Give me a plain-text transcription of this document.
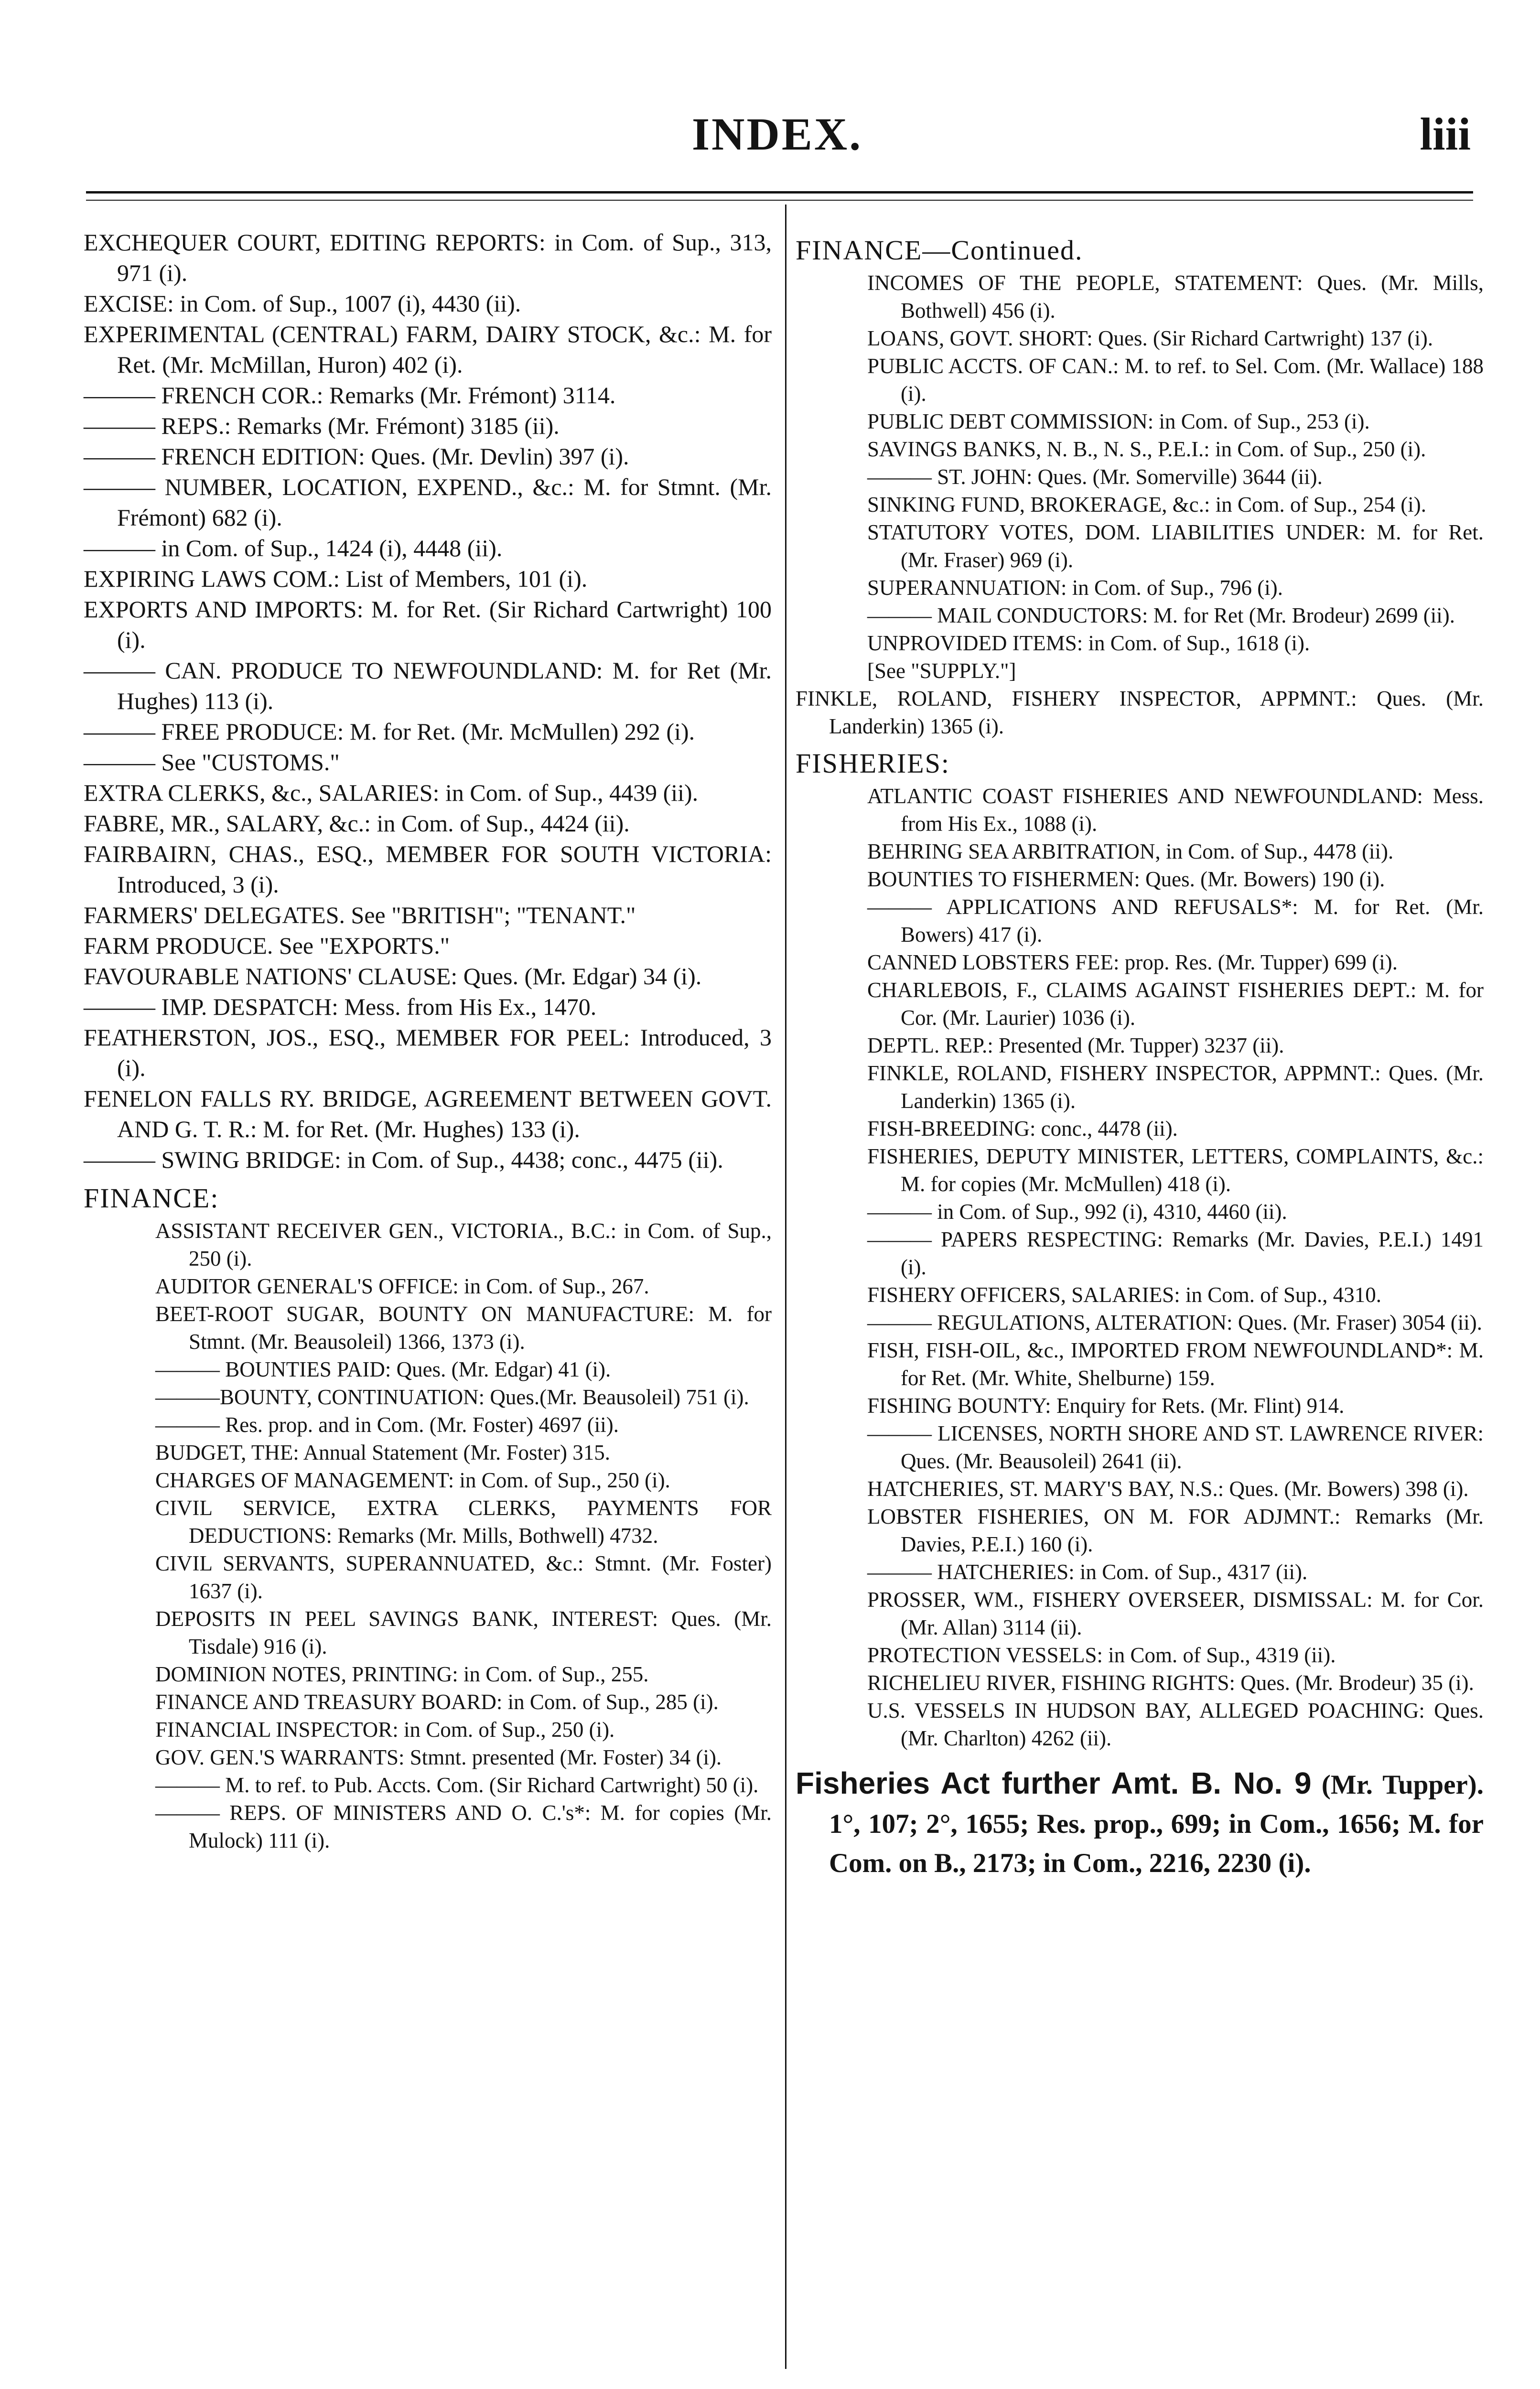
INDEX.	liii

EXCHEQUER COURT, EDITING REPORTS: in Com. of Sup., 313, 971 (i).

EXCISE: in Com. of Sup., 1007 (i), 4430 (ii).

EXPERIMENTAL (CENTRAL) FARM, DAIRY STOCK, &c.: M. for Ret. (Mr. McMillan, Huron) 402 (i).

——— FRENCH COR.: Remarks (Mr. Frémont) 3114.

——— REPS.: Remarks (Mr. Frémont) 3185 (ii).

——— FRENCH EDITION: Ques. (Mr. Devlin) 397 (i).

——— NUMBER, LOCATION, EXPEND., &c.: M. for Stmnt. (Mr. Frémont) 682 (i).

——— in Com. of Sup., 1424 (i), 4448 (ii).

EXPIRING LAWS COM.: List of Members, 101 (i).

EXPORTS AND IMPORTS: M. for Ret. (Sir Richard Cartwright) 100 (i).

——— CAN. PRODUCE TO NEWFOUNDLAND: M. for Ret (Mr. Hughes) 113 (i).

——— FREE PRODUCE: M. for Ret. (Mr. McMullen) 292 (i).

——— See "CUSTOMS."

EXTRA CLERKS, &c., SALARIES: in Com. of Sup., 4439 (ii).

FABRE, MR., SALARY, &c.: in Com. of Sup., 4424 (ii).

FAIRBAIRN, CHAS., ESQ., MEMBER FOR SOUTH VICTORIA: Introduced, 3 (i).

FARMERS' DELEGATES. See "BRITISH"; "TENANT."

FARM PRODUCE. See "EXPORTS."

FAVOURABLE NATIONS' CLAUSE: Ques. (Mr. Edgar) 34 (i).

——— IMP. DESPATCH: Mess. from His Ex., 1470.

FEATHERSTON, JOS., ESQ., MEMBER FOR PEEL: Introduced, 3 (i).

FENELON FALLS RY. BRIDGE, AGREEMENT BETWEEN GOVT. AND G. T. R.: M. for Ret. (Mr. Hughes) 133 (i).

——— SWING BRIDGE: in Com. of Sup., 4438; conc., 4475 (ii).

FINANCE:

ASSISTANT RECEIVER GEN., VICTORIA., B.C.: in Com. of Sup., 250 (i).

AUDITOR GENERAL'S OFFICE: in Com. of Sup., 267.

BEET-ROOT SUGAR, BOUNTY ON MANUFACTURE: M. for Stmnt. (Mr. Beausoleil) 1366, 1373 (i).

——— BOUNTIES PAID: Ques. (Mr. Edgar) 41 (i).

———BOUNTY, CONTINUATION: Ques.(Mr. Beausoleil) 751 (i).

——— Res. prop. and in Com. (Mr. Foster) 4697 (ii).

BUDGET, THE: Annual Statement (Mr. Foster) 315.

CHARGES OF MANAGEMENT: in Com. of Sup., 250 (i).

CIVIL SERVICE, EXTRA CLERKS, PAYMENTS FOR DEDUCTIONS: Remarks (Mr. Mills, Bothwell) 4732.

CIVIL SERVANTS, SUPERANNUATED, &c.: Stmnt. (Mr. Foster) 1637 (i).

DEPOSITS IN PEEL SAVINGS BANK, INTEREST: Ques. (Mr. Tisdale) 916 (i).

DOMINION NOTES, PRINTING: in Com. of Sup., 255.

FINANCE AND TREASURY BOARD: in Com. of Sup., 285 (i).

FINANCIAL INSPECTOR: in Com. of Sup., 250 (i).

GOV. GEN.'S WARRANTS: Stmnt. presented (Mr. Foster) 34 (i).

——— M. to ref. to Pub. Accts. Com. (Sir Richard Cartwright) 50 (i).

——— REPS. OF MINISTERS AND O. C.'s*: M. for copies (Mr. Mulock) 111 (i).

FINANCE—Continued.

INCOMES OF THE PEOPLE, STATEMENT: Ques. (Mr. Mills, Bothwell) 456 (i).

LOANS, GOVT. SHORT: Ques. (Sir Richard Cartwright) 137 (i).

PUBLIC ACCTS. OF CAN.: M. to ref. to Sel. Com. (Mr. Wallace) 188 (i).

PUBLIC DEBT COMMISSION: in Com. of Sup., 253 (i).

SAVINGS BANKS, N. B., N. S., P.E.I.: in Com. of Sup., 250 (i).

——— ST. JOHN: Ques. (Mr. Somerville) 3644 (ii).

SINKING FUND, BROKERAGE, &c.: in Com. of Sup., 254 (i).

STATUTORY VOTES, DOM. LIABILITIES UNDER: M. for Ret. (Mr. Fraser) 969 (i).

SUPERANNUATION: in Com. of Sup., 796 (i).

——— MAIL CONDUCTORS: M. for Ret (Mr. Brodeur) 2699 (ii).

UNPROVIDED ITEMS: in Com. of Sup., 1618 (i).

[See "SUPPLY."]

FINKLE, ROLAND, FISHERY INSPECTOR, APPMNT.: Ques. (Mr. Landerkin) 1365 (i).

FISHERIES:

ATLANTIC COAST FISHERIES AND NEWFOUNDLAND: Mess. from His Ex., 1088 (i).

BEHRING SEA ARBITRATION, in Com. of Sup., 4478 (ii).

BOUNTIES TO FISHERMEN: Ques. (Mr. Bowers) 190 (i).

——— APPLICATIONS AND REFUSALS*: M. for Ret. (Mr. Bowers) 417 (i).

CANNED LOBSTERS FEE: prop. Res. (Mr. Tupper) 699 (i).

CHARLEBOIS, F., CLAIMS AGAINST FISHERIES DEPT.: M. for Cor. (Mr. Laurier) 1036 (i).

DEPTL. REP.: Presented (Mr. Tupper) 3237 (ii).

FINKLE, ROLAND, FISHERY INSPECTOR, APPMNT.: Ques. (Mr. Landerkin) 1365 (i).

FISH-BREEDING: conc., 4478 (ii).

FISHERIES, DEPUTY MINISTER, LETTERS, COMPLAINTS, &c.: M. for copies (Mr. McMullen) 418 (i).

——— in Com. of Sup., 992 (i), 4310, 4460 (ii).

——— PAPERS RESPECTING: Remarks (Mr. Davies, P.E.I.) 1491 (i).

FISHERY OFFICERS, SALARIES: in Com. of Sup., 4310.

——— REGULATIONS, ALTERATION: Ques. (Mr. Fraser) 3054 (ii).

FISH, FISH-OIL, &c., IMPORTED FROM NEWFOUNDLAND*: M. for Ret. (Mr. White, Shelburne) 159.

FISHING BOUNTY: Enquiry for Rets. (Mr. Flint) 914.

——— LICENSES, NORTH SHORE AND ST. LAWRENCE RIVER: Ques. (Mr. Beausoleil) 2641 (ii).

HATCHERIES, ST. MARY'S BAY, N.S.: Ques. (Mr. Bowers) 398 (i).

LOBSTER FISHERIES, ON M. FOR ADJMNT.: Remarks (Mr. Davies, P.E.I.) 160 (i).

——— HATCHERIES: in Com. of Sup., 4317 (ii).

PROSSER, WM., FISHERY OVERSEER, DISMISSAL: M. for Cor. (Mr. Allan) 3114 (ii).

PROTECTION VESSELS: in Com. of Sup., 4319 (ii).

RICHELIEU RIVER, FISHING RIGHTS: Ques. (Mr. Brodeur) 35 (i).

U.S. VESSELS IN HUDSON BAY, ALLEGED POACHING: Ques. (Mr. Charlton) 4262 (ii).

Fisheries Act further Amt. B. No. 9 (Mr. Tupper). 1°, 107; 2°, 1655; Res. prop., 699; in Com., 1656; M. for Com. on B., 2173; in Com., 2216, 2230 (i).
